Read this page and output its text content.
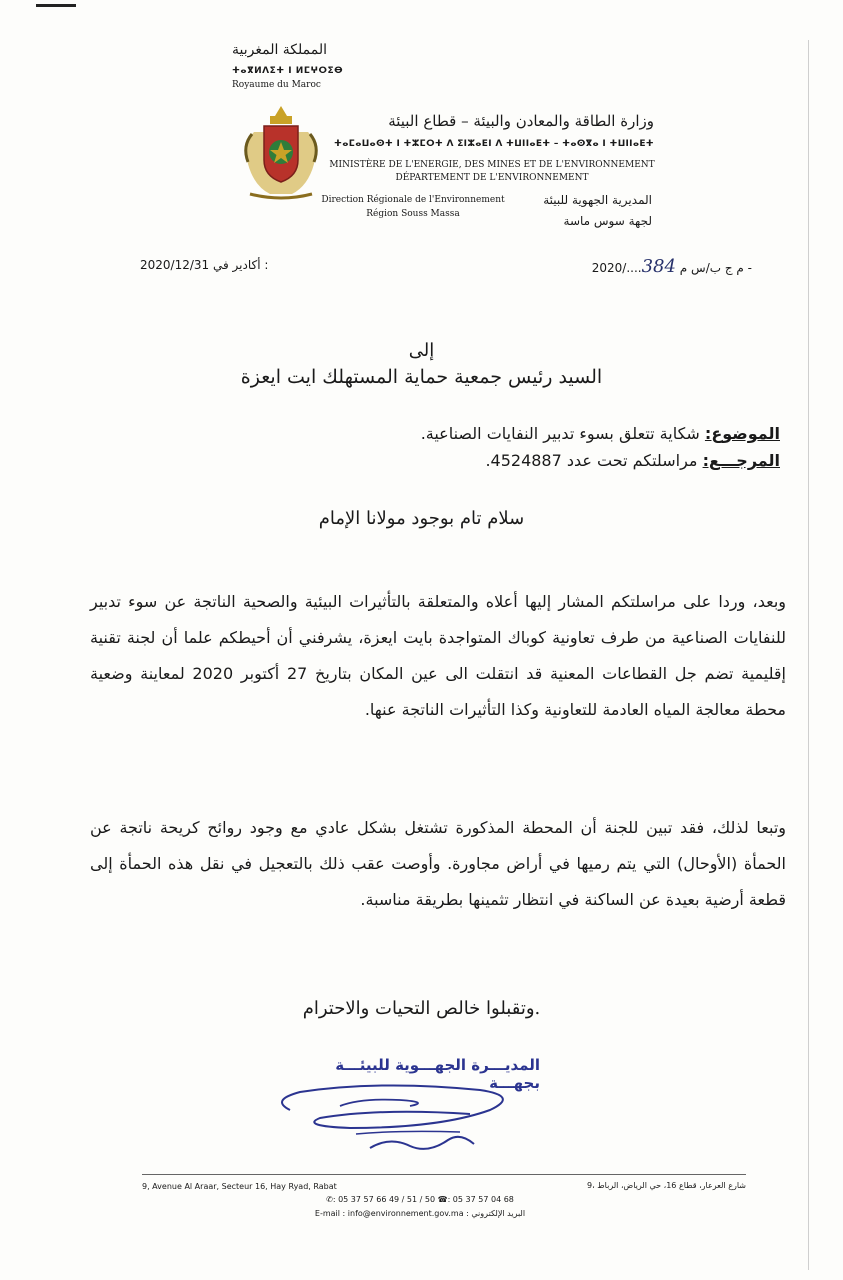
المملكة المغربية
ⵜⴰⴳⵍⴷⵉⵜ ⵏ ⵍⵎⵖⵔⵉⴱ
Royaume du Maroc
وزارة الطاقة والمعادن والبيئة – قطاع البيئة
ⵜⴰⵎⴰⵡⴰⵙⵜ ⵏ ⵜⵣⵎⵔⵜ ⴷ ⵉⵏⵣⴰⴹⵏ ⴷ ⵜⵡⵏⵏⴰⴹⵜ – ⵜⴰⵙⴳⴰ ⵏ ⵜⵡⵏⵏⴰⴹⵜ
MINISTÈRE DE L'ENERGIE, DES MINES ET DE L'ENVIRONNEMENT
DÉPARTEMENT DE L'ENVIRONNEMENT
Direction Régionale de l'Environnement
Région Souss Massa
المديرية الجهوية للبيئة
لجهة سوس ماسة
2020/12/31 أكادير في :	2020/....384 م ج ب/س م -
إلى
السيد رئيس جمعية حماية المستهلك ايت ايعزة
الموضوع: شكاية تتعلق بسوء تدبير النفايات الصناعية.
المرجـــع: مراسلتكم تحت عدد 4524887.
سلام تام بوجود مولانا الإمام
وبعد، وردا على مراسلتكم المشار إليها أعلاه والمتعلقة بالتأثيرات البيئية والصحية الناتجة عن سوء تدبير للنفايات الصناعية من طرف تعاونية كوباك المتواجدة بايت ايعزة، يشرفني أن أحيطكم علما أن لجنة تقنية إقليمية تضم جل القطاعات المعنية قد انتقلت الى عين المكان بتاريخ 27 أكتوبر 2020 لمعاينة وضعية محطة معالجة المياه العادمة للتعاونية وكذا التأثيرات الناتجة عنها.
وتبعا لذلك، فقد تبين للجنة أن المحطة المذكورة تشتغل بشكل عادي مع وجود روائح كريحة ناتجة عن الحمأة (الأوحال) التي يتم رميها في أراض مجاورة. وأوصت عقب ذلك بالتعجيل في نقل هذه الحمأة إلى قطعة أرضية بعيدة عن الساكنة في انتظار تثمينها بطريقة مناسبة.
وتقبلوا خالص التحيات والاحترام.
المديـــرة الجهـــوية للبيئـــة بجهـــة
9, Avenue Al Araar, Secteur 16, Hay Ryad, Rabat	9، شارع العرعار، قطاع 16، حي الرياض، الرباط
✆: 05 37 57 66 49 / 51 / 50 ☎: 05 37 57 04 68
E-mail : info@environnement.gov.ma : البريد الإلكتروني
